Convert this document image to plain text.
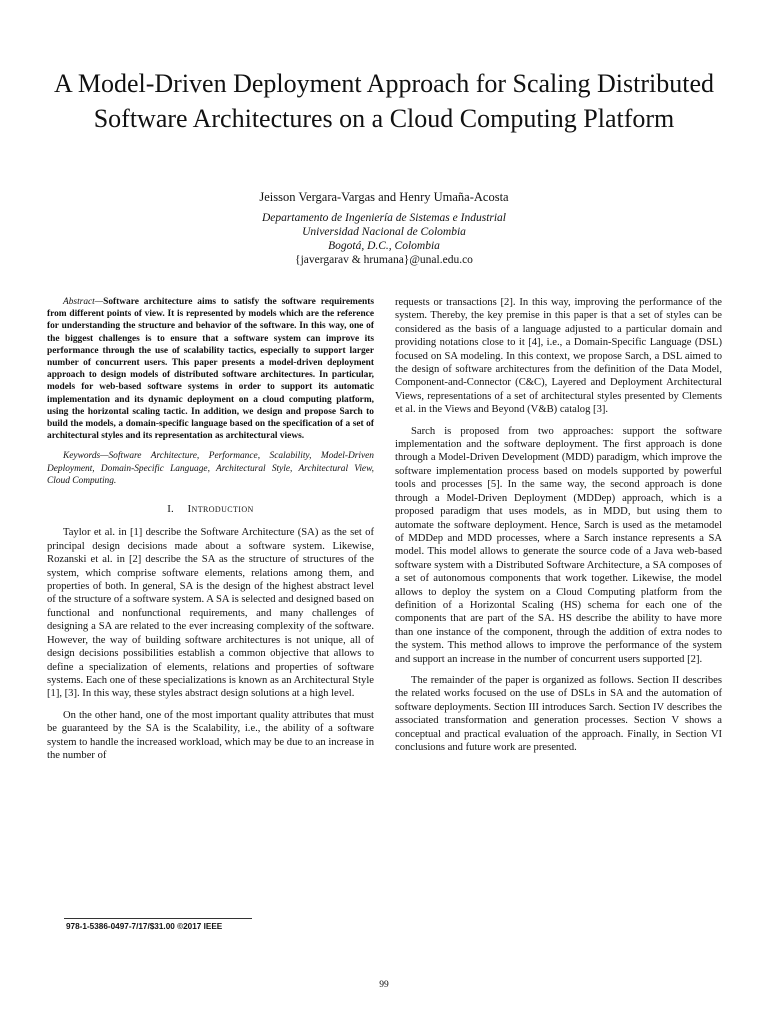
A Model-Driven Deployment Approach for Scaling Distributed Software Architectures on a Cloud Computing Platform
Jeisson Vergara-Vargas and Henry Umaña-Acosta
Departamento de Ingeniería de Sistemas e Industrial
Universidad Nacional de Colombia
Bogotá, D.C., Colombia
{javergarav & hrumana}@unal.edu.co

Abstract—Software architecture aims to satisfy the software requirements from different points of view. It is represented by models which are the reference for understanding the structure and behavior of the software. In this way, one of the biggest challenges is to ensure that a software system can improve its performance through the use of scalability tactics, especially to support larger number of concurrent users. This paper presents a model-driven deployment approach to design models of distributed software architectures. In particular, models for web-based software systems in order to support its automatic implementation and its dynamic deployment on a cloud computing platform, using the horizontal scaling tactic. In addition, we design and propose Sarch to build the models, a domain-specific language based on the specification of a set of architectural styles and its representation as architectural views.

Keywords—Software Architecture, Performance, Scalability, Model-Driven Deployment, Domain-Specific Language, Architectural Style, Architectural View, Cloud Computing.

I. Introduction

Taylor et al. in [1] describe the Software Architecture (SA) as the set of principal design decisions made about a software system. Likewise, Rozanski et al. in [2] describe the SA as the structure of structures of the system, which comprise software elements, relations among them, and properties of both. In general, SA is the design of the highest abstract level of the structure of a software system. A SA is selected and designed based on functional and nonfunctional requirements, and many challenges of designing a SA are related to the ever increasing complexity of the software. However, the way of building software architectures is not unique, all of design decisions possibilities establish a common objective that allows to define a specialization of elements, relations and properties of software systems. Each one of these specializations is known as an Architectural Style [1], [3]. In this way, these styles abstract design solutions at a high level.

On the other hand, one of the most important quality attributes that must be guaranteed by the SA is the Scalability, i.e., the ability of a software system to handle the increased workload, which may be due to an increase in the number of

requests or transactions [2]. In this way, improving the performance of the system. Thereby, the key premise in this paper is that a set of styles can be considered as the basis of a language adjusted to a particular domain and providing notations close to it [4], i.e., a Domain-Specific Language (DSL) focused on SA modeling. In this context, we propose Sarch, a DSL aimed to the design of software architectures from the definition of the Data Model, Component-and-Connector (C&C), Layered and Deployment Architectural Views, representations of a set of architectural styles presented by Clements et al. in the Views and Beyond (V&B) catalog [3].

Sarch is proposed from two approaches: support the software implementation and the software deployment. The first approach is done through a Model-Driven Development (MDD) paradigm, which improve the software implementation process based on models supported by powerful tools and processes [5]. In the same way, the second approach is done through a Model-Driven Deployment (MDDep) approach, which is a proposed paradigm that uses models, as in MDD, but using them to automate the software deployment. Hence, Sarch is used as the metamodel of MDDep and MDD processes, where a Sarch instance represents a SA model. This model allows to generate the source code of a Java web-based software system with a Distributed Software Architecture, a SA composes of a set of autonomous components that work together. Likewise, the model allows to deploy the system on a Cloud Computing platform from the definition of a Horizontal Scaling (HS) schema for each one of the components that are part of the SA. HS describe the ability to have more than one instance of the component, through the addition of extra nodes to the system. This method allows to improve the performance of the system and support an increase in the number of concurrent users supported [2].

The remainder of the paper is organized as follows. Section II describes the related works focused on the use of DSLs in SA and the automation of software deployments. Section III introduces Sarch. Section IV describes the associated transformation and generation processes. Section V shows a conceptual and practical evaluation of the approach. Finally, in Section VI conclusions and future work are presented.

978-1-5386-0497-7/17/$31.00 ©2017 IEEE
99
